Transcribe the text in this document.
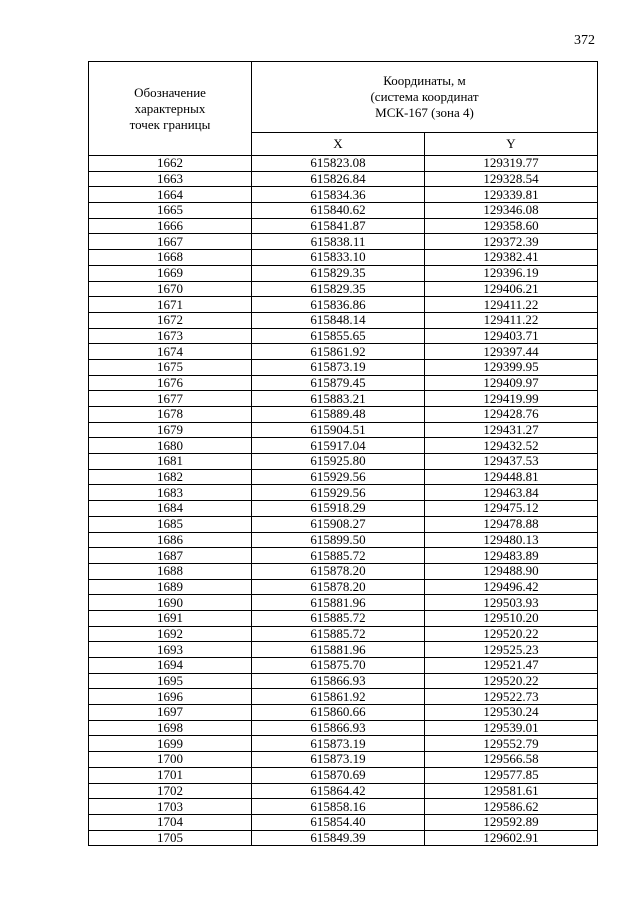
372
Обозначение
характерных
точек границы	Координаты, м
(система координат
МСК-167 (зона 4)	
	X	Y
1662	615823.08	129319.77
1663	615826.84	129328.54
1664	615834.36	129339.81
1665	615840.62	129346.08
1666	615841.87	129358.60
1667	615838.11	129372.39
1668	615833.10	129382.41
1669	615829.35	129396.19
1670	615829.35	129406.21
1671	615836.86	129411.22
1672	615848.14	129411.22
1673	615855.65	129403.71
1674	615861.92	129397.44
1675	615873.19	129399.95
1676	615879.45	129409.97
1677	615883.21	129419.99
1678	615889.48	129428.76
1679	615904.51	129431.27
1680	615917.04	129432.52
1681	615925.80	129437.53
1682	615929.56	129448.81
1683	615929.56	129463.84
1684	615918.29	129475.12
1685	615908.27	129478.88
1686	615899.50	129480.13
1687	615885.72	129483.89
1688	615878.20	129488.90
1689	615878.20	129496.42
1690	615881.96	129503.93
1691	615885.72	129510.20
1692	615885.72	129520.22
1693	615881.96	129525.23
1694	615875.70	129521.47
1695	615866.93	129520.22
1696	615861.92	129522.73
1697	615860.66	129530.24
1698	615866.93	129539.01
1699	615873.19	129552.79
1700	615873.19	129566.58
1701	615870.69	129577.85
1702	615864.42	129581.61
1703	615858.16	129586.62
1704	615854.40	129592.89
1705	615849.39	129602.91
